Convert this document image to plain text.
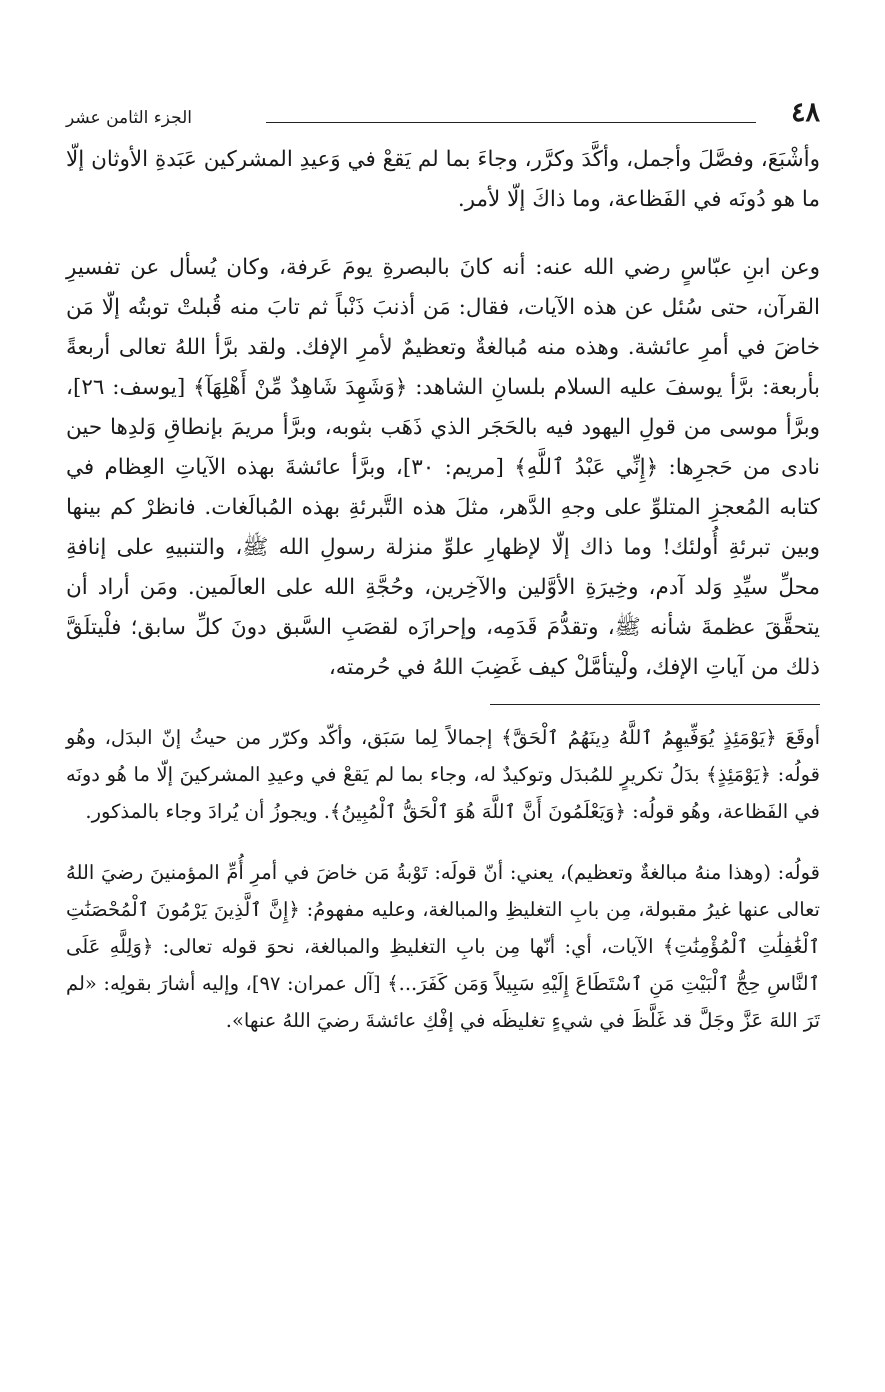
٤٨
الجزء الثامن عشر

وأشْبَعَ، وفصَّلَ وأجمل، وأكَّدَ وكرَّر، وجاءَ بما لم يَقعْ في وَعيدِ المشركين عَبَدةِ الأوثان إلّا ما هو دُونَه في الفَظاعة، وما ذاكَ إلّا لأمر.

وعن ابنِ عبّاسٍ رضي الله عنه: أنه كانَ بالبصرةِ يومَ عَرفة، وكان يُسأل عن تفسيرِ القرآن، حتى سُئل عن هذه الآيات، فقال: مَن أذنبَ ذَنْباً ثم تابَ منه قُبلتْ توبتُه إلّا مَن خاضَ في أمرِ عائشة. وهذه منه مُبالغةٌ وتعظيمٌ لأمرِ الإفك. ولقد برَّأ اللهُ تعالى أربعةً بأربعة: برَّأ يوسفَ عليه السلام بلسانِ الشاهد: ﴿وَشَهِدَ شَاهِدٌ مِّنْ أَهْلِهَآ﴾ [يوسف: ٢٦]، وبرَّأ موسى من قولِ اليهود فيه بالحَجَر الذي ذَهَب بثوبه، وبرَّأ مريمَ بإنطاقِ وَلدِها حين نادى من حَجرِها: ﴿إِنِّي عَبْدُ ٱللَّهِ﴾ [مريم: ٣٠]، وبرَّأ عائشةَ بهذه الآياتِ العِظام في كتابه المُعجزِ المتلوِّ على وجهِ الدَّهر، مثلَ هذه التَّبرئةِ بهذه المُبالَغات. فانظرْ كم بينها وبين تبرئةِ أُولئك! وما ذاك إلّا لإظهارِ علوِّ منزلة رسولِ الله ﷺ، والتنبيهِ على إنافةِ محلِّ سيِّدِ وَلد آدم، وخِيرَةِ الأوَّلين والآخِرين، وحُجَّةِ الله على العالَمين. ومَن أراد أن يتحقَّقَ عظمةَ شأنه ﷺ، وتقدُّمَ قَدَمِه، وإحرازَه لقصَبِ السَّبق دونَ كلِّ سابق؛ فلْيتلَقَّ ذلك من آياتِ الإفك، ولْيتأمَّلْ كيف غَضِبَ اللهُ في حُرمته،

أوقَعَ ﴿يَوْمَئِذٍ يُوَفِّيهِمُ ٱللَّهُ دِينَهُمُ ٱلْحَقَّ﴾ إجمالاً لِما سَبَق، وأكّد وكرّر من حيثُ إنّ البدَل، وهُو قولُه: ﴿يَوْمَئِذٍ﴾ بدَلُ تكريرٍ للمُبدَل وتوكيدٌ له، وجاء بما لم يَقعْ في وعيدِ المشركينَ إلّا ما هُو دونَه في الفَظاعة، وهُو قولُه: ﴿وَيَعْلَمُونَ أَنَّ ٱللَّهَ هُوَ ٱلْحَقُّ ٱلْمُبِينُ﴾. ويجوزُ أن يُرادَ وجاء بالمذكور.

قولُه: (وهذا منهُ مبالغةٌ وتعظيم)، يعني: أنّ قولَه: تَوْبةُ مَن خاضَ في أمرِ أُمِّ المؤمنينَ رضيَ اللهُ تعالى عنها غيرُ مقبولة، مِن بابِ التغليظِ والمبالغة، وعليه مفهومُ: ﴿إِنَّ ٱلَّذِينَ يَرْمُونَ ٱلْمُحْصَنَٰتِ ٱلْغَٰفِلَٰتِ ٱلْمُؤْمِنَٰتِ﴾ الآيات، أي: أنّها مِن بابِ التغليظِ والمبالغة، نحوَ قوله تعالى: ﴿وَلِلَّهِ عَلَى ٱلنَّاسِ حِجُّ ٱلْبَيْتِ مَنِ ٱسْتَطَاعَ إِلَيْهِ سَبِيلاً وَمَن كَفَرَ...﴾ [آل عمران: ٩٧]، وإليه أشارَ بقولِه: «لم تَرَ اللهَ عَزَّ وجَلَّ قد غَلَّظَ في شيءٍ تغليظَه في إفْكِ عائشةَ رضيَ اللهُ عنها».
